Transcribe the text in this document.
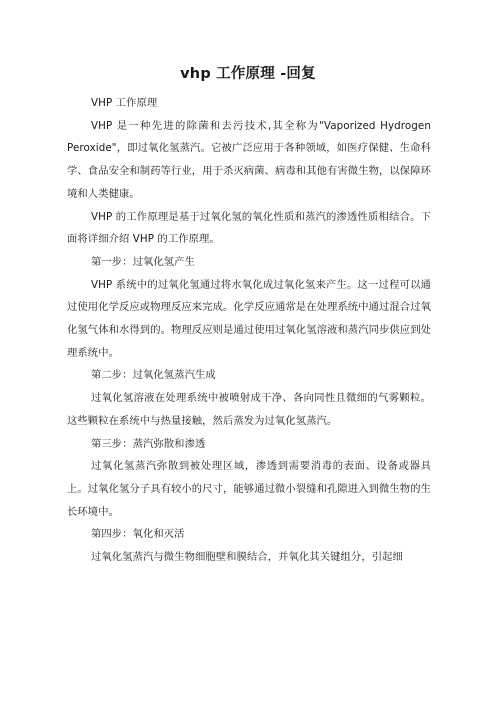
vhp 工作原理 -回复

VHP 工作原理

VHP 是一种先进的除菌和去污技术,其全称为"Vaporized Hydrogen Peroxide"，即过氧化氢蒸汽。它被广泛应用于各种领域，如医疗保健、生命科学、食品安全和制药等行业，用于杀灭病菌、病毒和其他有害微生物，以保障环境和人类健康。

VHP 的工作原理是基于过氧化氢的氧化性质和蒸汽的渗透性质相结合。下面将详细介绍 VHP 的工作原理。

第一步：过氧化氢产生

VHP 系统中的过氧化氢通过将水氧化成过氧化氢来产生。这一过程可以通过使用化学反应或物理反应来完成。化学反应通常是在处理系统中通过混合过氧化氢气体和水得到的。物理反应则是通过使用过氧化氢溶液和蒸汽同步供应到处理系统中。

第二步：过氧化氢蒸汽生成

过氧化氢溶液在处理系统中被喷射成干净、各向同性且微细的气雾颗粒。这些颗粒在系统中与热量接触，然后蒸发为过氧化氢蒸汽。

第三步：蒸汽弥散和渗透

过氧化氢蒸汽弥散到被处理区域，渗透到需要消毒的表面、设备或器具上。过氧化氢分子具有较小的尺寸，能够通过微小裂缝和孔隙进入到微生物的生长环境中。

第四步：氧化和灭活

过氧化氢蒸汽与微生物细胞壁和膜结合，并氧化其关键组分，引起细
